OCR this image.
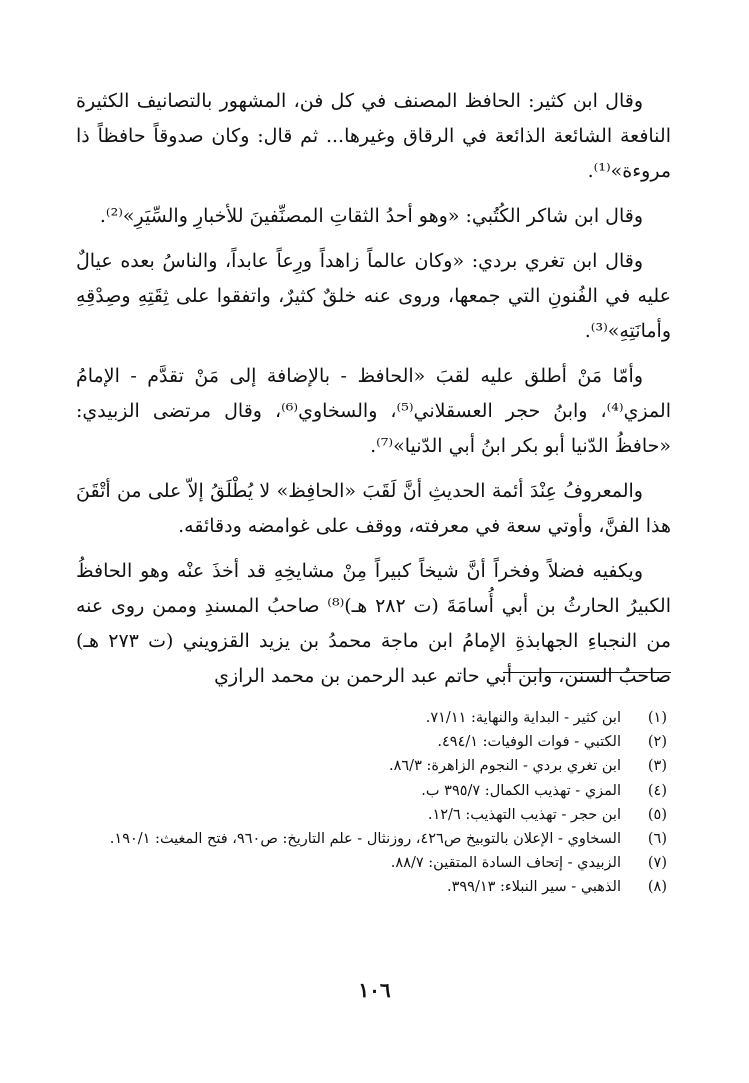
وقال ابن كثير: الحافظ المصنف في كل فن، المشهور بالتصانيف الكثيرة النافعة الشائعة الذائعة في الرقاق وغيرها... ثم قال: وكان صدوقاً حافظاً ذا مروءة»⁽¹⁾.

وقال ابن شاكر الكُتُبي: «وهو أحدُ الثقاتِ المصنِّفينَ للأخبارِ والسِّيَرِ»⁽²⁾.

وقال ابن تغري بردي: «وكان عالماً زاهداً ورِعاً عابداً، والناسُ بعده عيالٌ عليه في الفُنونِ التي جمعها، وروى عنه خلقٌ كثيرٌ، واتفقوا على ثِقَتِهِ وصِدْقِهِ وأمانَتِهِ»⁽³⁾.

وأمّا مَنْ أطلق عليه لقبَ «الحافظ - بالإضافة إلى مَنْ تقدَّم - الإمامُ المزي⁽⁴⁾، وابنُ حجر العسقلاني⁽⁵⁾، والسخاوي⁽⁶⁾، وقال مرتضى الزبيدي: «حافظُ الدّنيا أبو بكر ابنُ أبي الدّنيا»⁽⁷⁾.

والمعروفُ عِنْدَ أئمة الحديثِ أنَّ لَقَبَ «الحافِظ» لا يُطْلَقُ إلاّ على من أتْقَنَ هذا الفنَّ، وأوتي سعة في معرفته، ووقف على غوامضه ودقائقه.

ويكفيه فضلاً وفخراً أنَّ شيخاً كبيراً مِنْ مشايخِهِ قد أخذَ عنْه وهو الحافظُ الكبيرُ الحارثُ بن أبي أُسامَةَ (ت ٢٨٢ هـ)⁽⁸⁾ صاحبُ المسندِ وممن روى عنه من النجباءِ الجهابذةِ الإمامُ ابن ماجة محمدُ بن يزيد القزويني (ت ٢٧٣ هـ) صاحبُ السنن، وابن أبي حاتم عبد الرحمن بن محمد الرازي

(١)
ابن كثير - البداية والنهاية: ٧١/١١.
(٢)
الكتبي - فوات الوفيات: ٤٩٤/١.
(٣)
ابن تغري بردي - النجوم الزاهرة: ٨٦/٣.
(٤)
المزي - تهذيب الكمال: ٣٩٥/٧ ب.
(٥)
ابن حجر - تهذيب التهذيب: ١٢/٦.
(٦)
السخاوي - الإعلان بالتوبيخ ص٤٢٦، روزنثال - علم التاريخ: ص٩٦٠، فتح المغيث: ١٩٠/١.
(٧)
الزبيدي - إتحاف السادة المتقين: ٨٨/٧.
(٨)
الذهبي - سير النبلاء: ٣٩٩/١٣.
١٠٦
